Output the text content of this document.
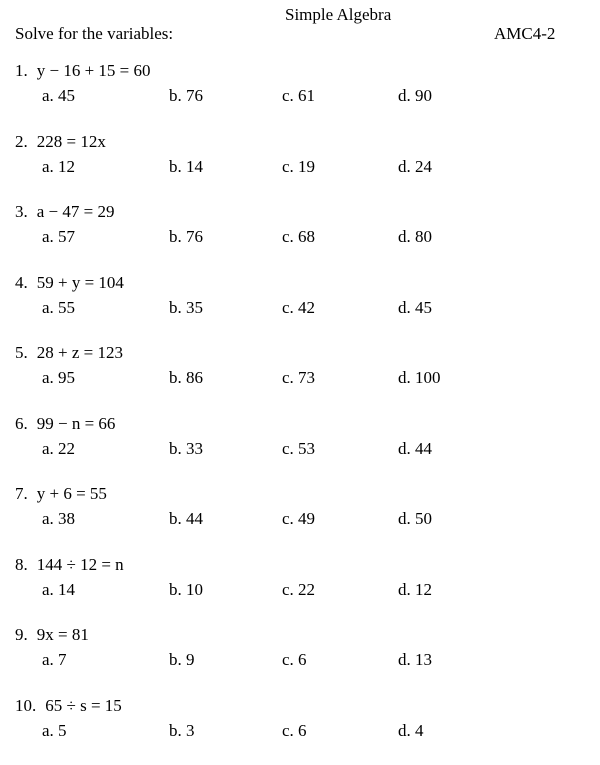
Simple Algebra
Solve for the variables:	AMC4-2
1. y − 16 + 15 = 60
a. 45	b. 76	c. 61	d. 90
2. 228 = 12x
a. 12	b. 14	c. 19	d. 24
3. a − 47 = 29
a. 57	b. 76	c. 68	d. 80
4. 59 + y = 104
a. 55	b. 35	c. 42	d. 45
5. 28 + z = 123
a. 95	b. 86	c. 73	d. 100
6. 99 − n = 66
a. 22	b. 33	c. 53	d. 44
7. y + 6 = 55
a. 38	b. 44	c. 49	d. 50
8. 144 ÷ 12 = n
a. 14	b. 10	c. 22	d. 12
9. 9x = 81
a. 7	b. 9	c. 6	d. 13
10. 65 ÷ s = 15
a. 5	b. 3	c. 6	d. 4
